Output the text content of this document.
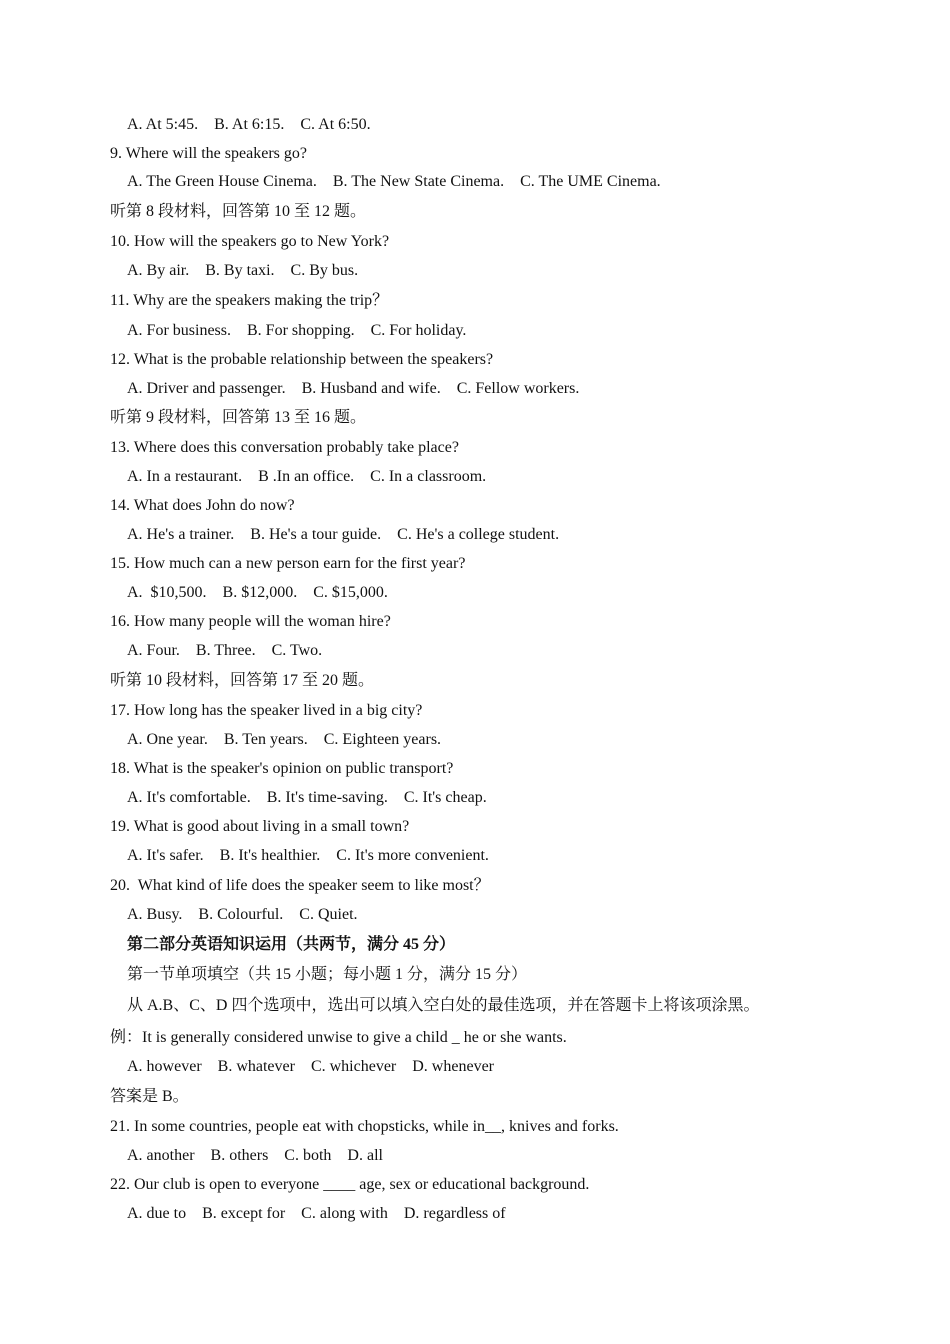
A. At 5:45.    B. At 6:15.    C. At 6:50.

9. Where will the speakers go?

A. The Green House Cinema.    B. The New State Cinema.    C. The UME Cinema.

听第 8 段材料，回答第 10 至 12 题。

10. How will the speakers go to New York?

A. By air.    B. By taxi.    C. By bus.

11. Why are the speakers making the trip？

A. For business.    B. For shopping.    C. For holiday.

12. What is the probable relationship between the speakers?

A. Driver and passenger.    B. Husband and wife.    C. Fellow workers.

听第 9 段材料，回答第 13 至 16 题。

13. Where does this conversation probably take place?

A. In a restaurant.    B .In an office.    C. In a classroom.

14. What does John do now?

A. He's a trainer.    B. He's a tour guide.    C. He's a college student.

15. How much can a new person earn for the first year?

A.  $10,500.    B. $12,000.    C. $15,000.

16. How many people will the woman hire?

A. Four.    B. Three.    C. Two.

听第 10 段材料，回答第 17 至 20 题。

17. How long has the speaker lived in a big city?

A. One year.    B. Ten years.    C. Eighteen years.

18. What is the speaker's opinion on public transport?

A. It's comfortable.    B. It's time-saving.    C. It's cheap.

19. What is good about living in a small town?

A. It's safer.    B. It's healthier.    C. It's more convenient.

20.  What kind of life does the speaker seem to like most？

A. Busy.    B. Colourful.    C. Quiet.

第二部分英语知识运用（共两节，满分 45 分）

第一节单项填空（共 15 小题；每小题 1 分，满分 15 分）

从 A.B、C、D 四个选项中，选出可以填入空白处的最佳选项，并在答题卡上将该项涂黑。

例：It is generally considered unwise to give a child _ he or she wants.

A. however    B. whatever    C. whichever    D. whenever

答案是 B。

21. In some countries, people eat with chopsticks, while in__, knives and forks.

A. another    B. others    C. both    D. all

22. Our club is open to everyone ____ age, sex or educational background.

A. due to    B. except for    C. along with    D. regardless of
